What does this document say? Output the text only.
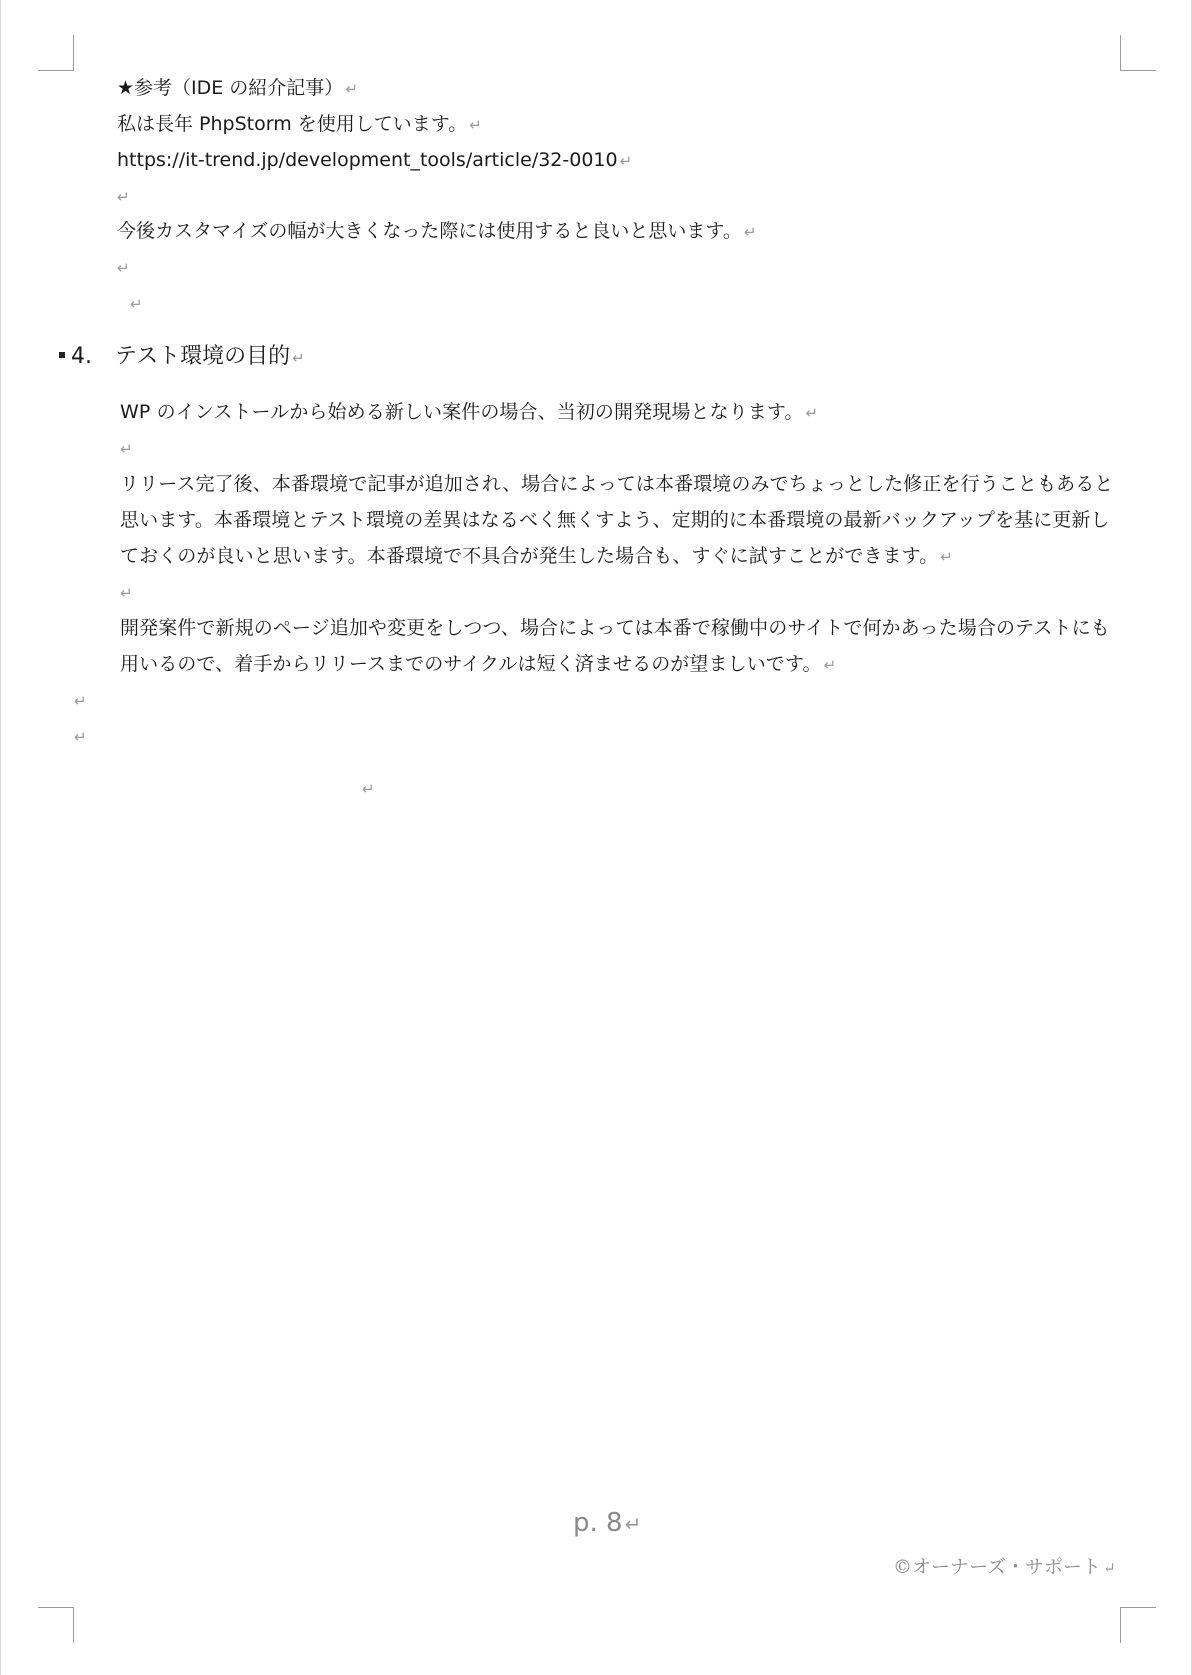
★参考（IDE の紹介記事） ↵
私は長年 PhpStorm を使用しています。 ↵
https://it-trend.jp/development_tools/article/32-0010 ↵
↵
今後カスタマイズの幅が大きくなった際には使用すると良いと思います。 ↵
↵
↵
4. テスト環境の目的 ↵
WP のインストールから始める新しい案件の場合、当初の開発現場となります。 ↵
↵
リリース完了後、本番環境で記事が追加され、場合によっては本番環境のみでちょっとした修正を行うこともあると思います。本番環境とテスト環境の差異はなるべく無くすよう、定期的に本番環境の最新バックアップを基に更新しておくのが良いと思います。本番環境で不具合が発生した場合も、すぐに試すことができます。 ↵
↵
開発案件で新規のページ追加や変更をしつつ、場合によっては本番で稼働中のサイトで何かあった場合のテストにも用いるので、着手からリリースまでのサイクルは短く済ませるのが望ましいです。 ↵
↵
↵
↵
p. 8 ↵
©オーナーズ・サポート ↵
